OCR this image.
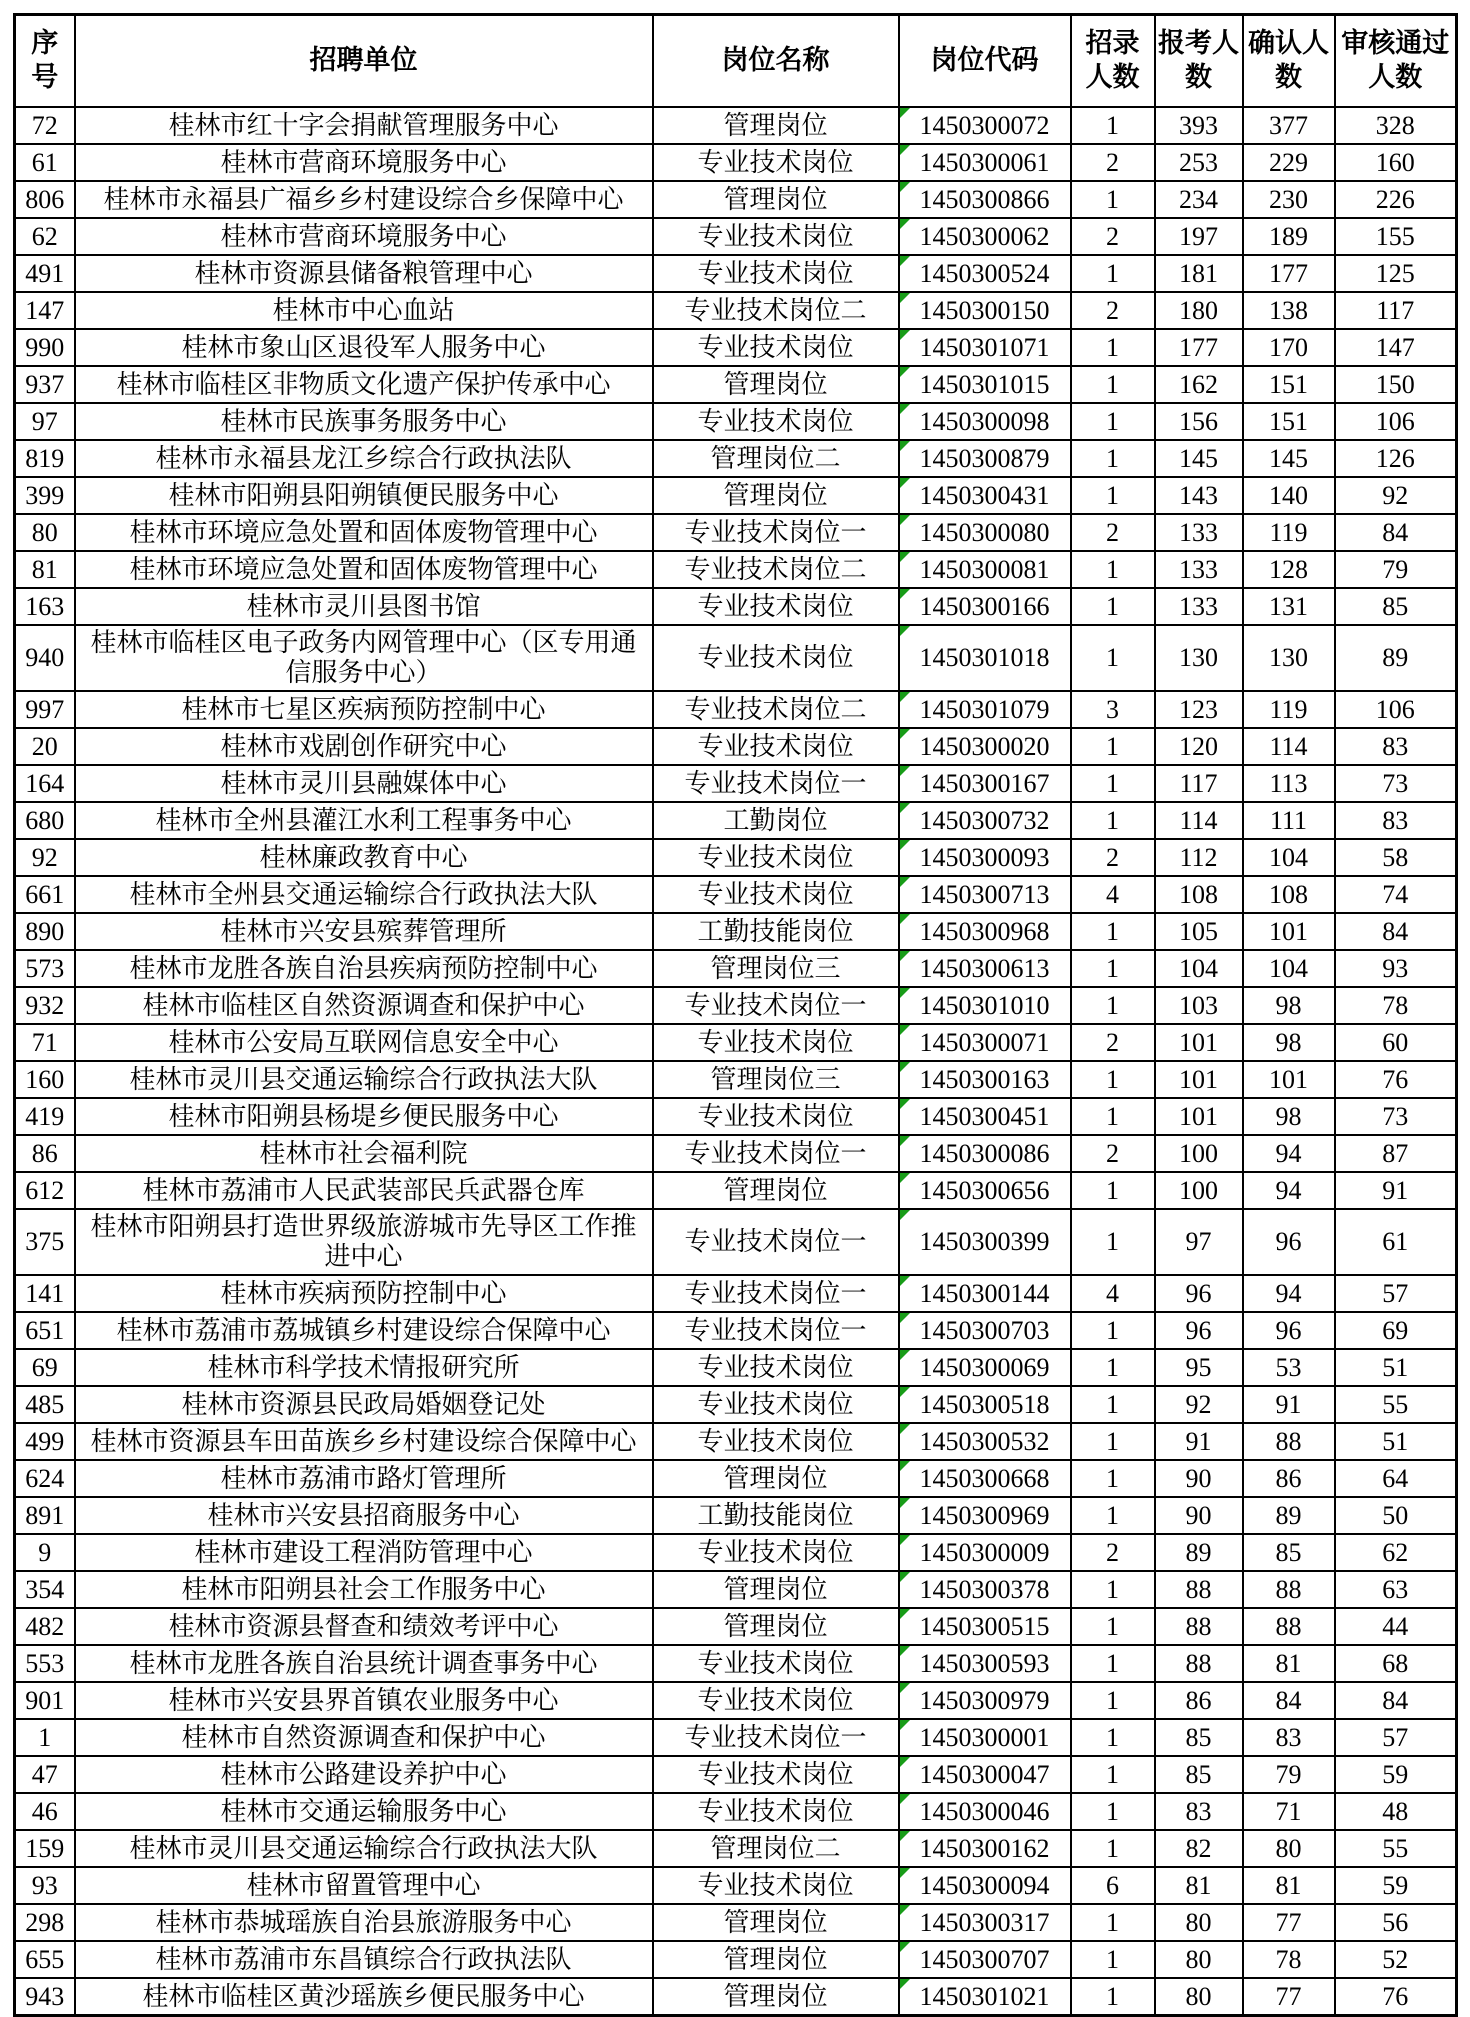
序号	招聘单位	岗位名称	岗位代码	招录人数	报考人数	确认人数	审核通过人数
72	桂林市红十字会捐献管理服务中心	管理岗位	1450300072	1	393	377	328
61	桂林市营商环境服务中心	专业技术岗位	1450300061	2	253	229	160
806	桂林市永福县广福乡乡村建设综合乡保障中心	管理岗位	1450300866	1	234	230	226
62	桂林市营商环境服务中心	专业技术岗位	1450300062	2	197	189	155
491	桂林市资源县储备粮管理中心	专业技术岗位	1450300524	1	181	177	125
147	桂林市中心血站	专业技术岗位二	1450300150	2	180	138	117
990	桂林市象山区退役军人服务中心	专业技术岗位	1450301071	1	177	170	147
937	桂林市临桂区非物质文化遗产保护传承中心	管理岗位	1450301015	1	162	151	150
97	桂林市民族事务服务中心	专业技术岗位	1450300098	1	156	151	106
819	桂林市永福县龙江乡综合行政执法队	管理岗位二	1450300879	1	145	145	126
399	桂林市阳朔县阳朔镇便民服务中心	管理岗位	1450300431	1	143	140	92
80	桂林市环境应急处置和固体废物管理中心	专业技术岗位一	1450300080	2	133	119	84
81	桂林市环境应急处置和固体废物管理中心	专业技术岗位二	1450300081	1	133	128	79
163	桂林市灵川县图书馆	专业技术岗位	1450300166	1	133	131	85
940	桂林市临桂区电子政务内网管理中心（区专用通信服务中心）	专业技术岗位	1450301018	1	130	130	89
997	桂林市七星区疾病预防控制中心	专业技术岗位二	1450301079	3	123	119	106
20	桂林市戏剧创作研究中心	专业技术岗位	1450300020	1	120	114	83
164	桂林市灵川县融媒体中心	专业技术岗位一	1450300167	1	117	113	73
680	桂林市全州县灌江水利工程事务中心	工勤岗位	1450300732	1	114	111	83
92	桂林廉政教育中心	专业技术岗位	1450300093	2	112	104	58
661	桂林市全州县交通运输综合行政执法大队	专业技术岗位	1450300713	4	108	108	74
890	桂林市兴安县殡葬管理所	工勤技能岗位	1450300968	1	105	101	84
573	桂林市龙胜各族自治县疾病预防控制中心	管理岗位三	1450300613	1	104	104	93
932	桂林市临桂区自然资源调查和保护中心	专业技术岗位一	1450301010	1	103	98	78
71	桂林市公安局互联网信息安全中心	专业技术岗位	1450300071	2	101	98	60
160	桂林市灵川县交通运输综合行政执法大队	管理岗位三	1450300163	1	101	101	76
419	桂林市阳朔县杨堤乡便民服务中心	专业技术岗位	1450300451	1	101	98	73
86	桂林市社会福利院	专业技术岗位一	1450300086	2	100	94	87
612	桂林市荔浦市人民武装部民兵武器仓库	管理岗位	1450300656	1	100	94	91
375	桂林市阳朔县打造世界级旅游城市先导区工作推进中心	专业技术岗位一	1450300399	1	97	96	61
141	桂林市疾病预防控制中心	专业技术岗位一	1450300144	4	96	94	57
651	桂林市荔浦市荔城镇乡村建设综合保障中心	专业技术岗位一	1450300703	1	96	96	69
69	桂林市科学技术情报研究所	专业技术岗位	1450300069	1	95	53	51
485	桂林市资源县民政局婚姻登记处	专业技术岗位	1450300518	1	92	91	55
499	桂林市资源县车田苗族乡乡村建设综合保障中心	专业技术岗位	1450300532	1	91	88	51
624	桂林市荔浦市路灯管理所	管理岗位	1450300668	1	90	86	64
891	桂林市兴安县招商服务中心	工勤技能岗位	1450300969	1	90	89	50
9	桂林市建设工程消防管理中心	专业技术岗位	1450300009	2	89	85	62
354	桂林市阳朔县社会工作服务中心	管理岗位	1450300378	1	88	88	63
482	桂林市资源县督查和绩效考评中心	管理岗位	1450300515	1	88	88	44
553	桂林市龙胜各族自治县统计调查事务中心	专业技术岗位	1450300593	1	88	81	68
901	桂林市兴安县界首镇农业服务中心	专业技术岗位	1450300979	1	86	84	84
1	桂林市自然资源调查和保护中心	专业技术岗位一	1450300001	1	85	83	57
47	桂林市公路建设养护中心	专业技术岗位	1450300047	1	85	79	59
46	桂林市交通运输服务中心	专业技术岗位	1450300046	1	83	71	48
159	桂林市灵川县交通运输综合行政执法大队	管理岗位二	1450300162	1	82	80	55
93	桂林市留置管理中心	专业技术岗位	1450300094	6	81	81	59
298	桂林市恭城瑶族自治县旅游服务中心	管理岗位	1450300317	1	80	77	56
655	桂林市荔浦市东昌镇综合行政执法队	管理岗位	1450300707	1	80	78	52
943	桂林市临桂区黄沙瑶族乡便民服务中心	管理岗位	1450301021	1	80	77	76
